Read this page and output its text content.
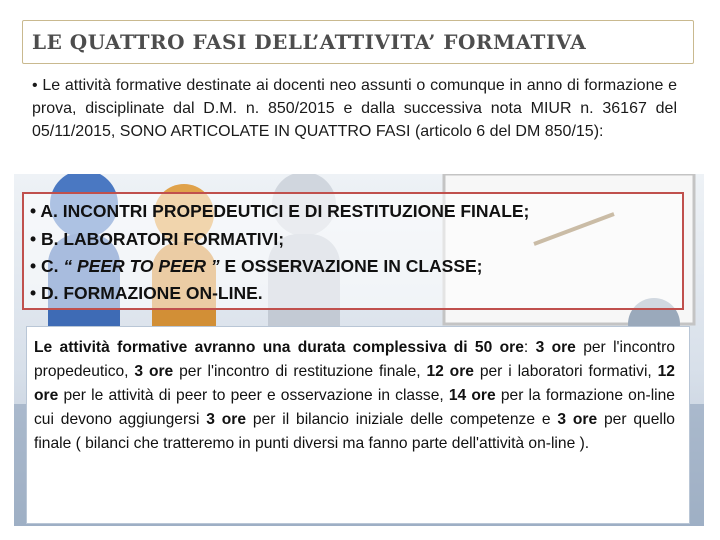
LE QUATTRO FASI DELL’ATTIVITA’ FORMATIVA
• Le attività formative destinate ai docenti neo assunti o comunque in anno di formazione e prova, disciplinate dal D.M. n. 850/2015 e dalla successiva nota MIUR n. 36167 del 05/11/2015, SONO ARTICOLATE IN QUATTRO FASI (articolo 6 del DM 850/15):
• A. INCONTRI PROPEDEUTICI E DI RESTITUZIONE FINALE;
• B. LABORATORI FORMATIVI;
• C. “ PEER TO PEER ” E OSSERVAZIONE IN CLASSE;
• D. FORMAZIONE ON-LINE.
Le attività formative avranno una durata complessiva di 50 ore: 3 ore per l'incontro propedeutico, 3 ore per l'incontro di restituzione finale, 12 ore per i laboratori formativi, 12 ore per le attività di peer to peer e osservazione in classe, 14 ore per la formazione on-line cui devono aggiungersi 3 ore per il bilancio iniziale delle competenze e 3 ore per quello finale ( bilanci che tratteremo in punti diversi ma fanno parte dell'attività on-line ).
